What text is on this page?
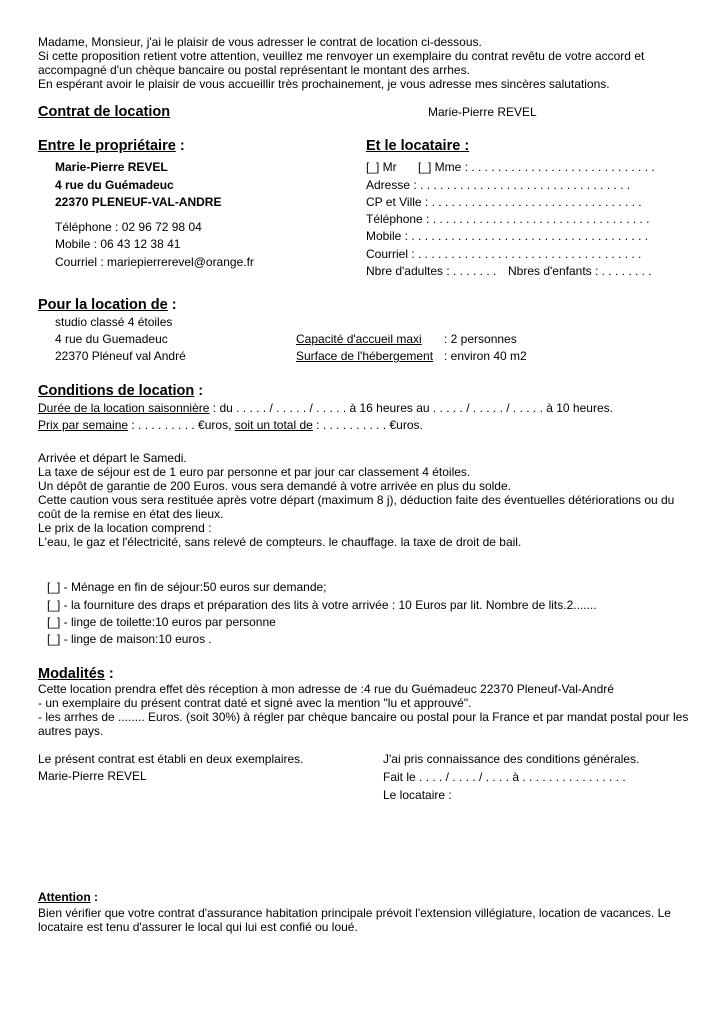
Madame, Monsieur, j'ai le plaisir de vous adresser le contrat de location ci-dessous.

Si cette proposition retient votre attention, veuillez me renvoyer un exemplaire du contrat revêtu de votre accord et accompagné d'un chèque bancaire ou postal représentant le montant des arrhes.

En espérant avoir le plaisir de vous accueillir très prochainement, je vous adresse mes sincères salutations.

Contrat de location	Marie-Pierre REVEL
Entre le propriétaire :
Marie-Pierre REVEL
4 rue du Guémadeuc
22370 PLENEUF-VAL-ANDRE
Téléphone : 02 96 72 98 04
Mobile : 06 43 12 38 41
Courriel : mariepierrerevel@orange.fr
Et le locataire :
[_] Mr [_] Mme : . . . . . . . . . . . . . . . . . . . . . . . . . . . .
Adresse : . . . . . . . . . . . . . . . . . . . . . . . . . . . . . . . .
CP et Ville : . . . . . . . . . . . . . . . . . . . . . . . . . . . . . . . .
Téléphone : . . . . . . . . . . . . . . . . . . . . . . . . . . . . . . . . .
Mobile : . . . . . . . . . . . . . . . . . . . . . . . . . . . . . . . . . . . .
Courriel : . . . . . . . . . . . . . . . . . . . . . . . . . . . . . . . . . .
Nbre d'adultes : . . . . . . . Nbres d'enfants : . . . . . . . .
Pour la location de :
studio classé 4 étoiles
4 rue du Guemadeuc
22370 Pléneuf val André
Capacité d'accueil maxi : 2 personnes
Surface de l'hébergement : environ 40 m2
Conditions de location :
Durée de la location saisonnière : du . . . . . / . . . . . / . . . . . à 16 heures au . . . . . / . . . . . / . . . . . à 10 heures.
Prix par semaine : . . . . . . . . . €uros, soit un total de : . . . . . . . . . . €uros.

Arrivée et départ le Samedi.

La taxe de séjour est de 1 euro par personne et par jour car classement 4 étoiles.

Un dépôt de garantie de 200 Euros. vous sera demandé à votre arrivée en plus du solde.

Cette caution vous sera restituée après votre départ (maximum 8 j), déduction faite des éventuelles détériorations ou du coût de la remise en état des lieux.

Le prix de la location comprend :

L'eau, le gaz et l'électricité, sans relevé de compteurs. le chauffage. la taxe de droit de bail.

[_] - Ménage en fin de séjour:50 euros sur demande;
[_] - la fourniture des draps et préparation des lits à votre arrivée : 10 Euros par lit. Nombre de lits.2.......
[_] - linge de toilette:10 euros par personne
[_] - linge de maison:10 euros .
Modalités :

Cette location prendra effet dès réception à mon adresse de :4 rue du Guémadeuc 22370 Pleneuf-Val-André

- un exemplaire du présent contrat daté et signé avec la mention "lu et approuvé".

- les arrhes de ........ Euros. (soit 30%) à régler par chèque bancaire ou postal pour la France et par mandat postal pour les autres pays.

Le présent contrat est établi en deux exemplaires.
Marie-Pierre REVEL
J'ai pris connaissance des conditions générales.
Fait le . . . . / . . . . / . . . . à . . . . . . . . . . . . . . . .
Le locataire :
Attention :
Bien vérifier que votre contrat d'assurance habitation principale prévoit l'extension villégiature, location de vacances. Le locataire est tenu d'assurer le local qui lui est confié ou loué.
